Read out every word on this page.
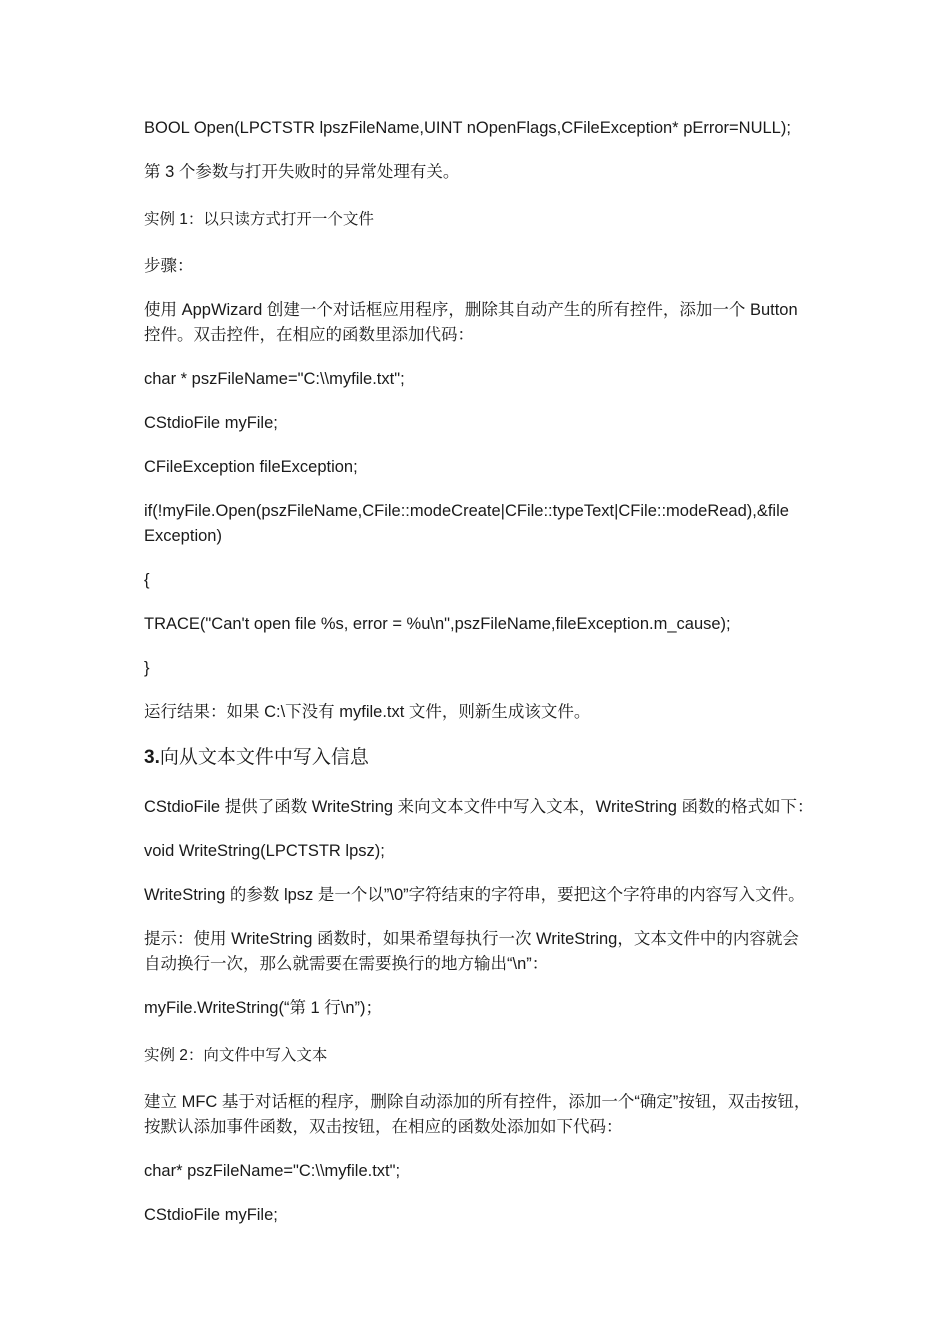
BOOL Open(LPCTSTR lpszFileName,UINT nOpenFlags,CFileException* pError=NULL);
第 3 个参数与打开失败时的异常处理有关。
实例 1：以只读方式打开一个文件
步骤：
使用 AppWizard 创建一个对话框应用程序，删除其自动产生的所有控件，添加一个 Button 控件。双击控件，在相应的函数里添加代码：
char * pszFileName="C:\\myfile.txt";
CStdioFile myFile;
CFileException fileException;
if(!myFile.Open(pszFileName,CFile::modeCreate|CFile::typeText|CFile::modeRead),&file Exception)
{
TRACE("Can't open file %s, error = %u\n",pszFileName,fileException.m_cause);
}
运行结果：如果 C:\下没有 myfile.txt 文件，则新生成该文件。
3.向从文本文件中写入信息
CStdioFile 提供了函数 WriteString 来向文本文件中写入文本，WriteString 函数的格式如下：
void WriteString(LPCTSTR lpsz);
WriteString 的参数 lpsz 是一个以”\0”字符结束的字符串，要把这个字符串的内容写入文件。
提示：使用 WriteString 函数时，如果希望每执行一次 WriteString，文本文件中的内容就会自动换行一次，那么就需要在需要换行的地方输出“\n”：
myFile.WriteString(“第 1 行\n”)；
实例 2：向文件中写入文本
建立 MFC 基于对话框的程序，删除自动添加的所有控件，添加一个“确定”按钮，双击按钮，按默认添加事件函数，双击按钮，在相应的函数处添加如下代码：
char* pszFileName="C:\\myfile.txt";
CStdioFile myFile;
